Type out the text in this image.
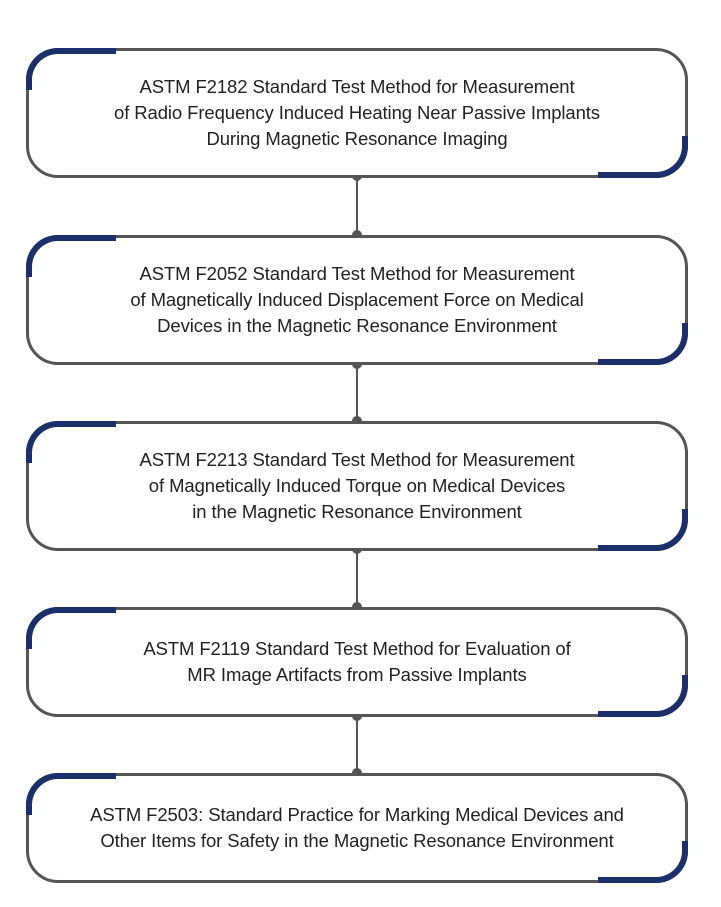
ASTM F2182 Standard Test Method for Measurement
of Radio Frequency Induced Heating Near Passive Implants
During Magnetic Resonance Imaging
ASTM F2052 Standard Test Method for Measurement
of Magnetically Induced Displacement Force on Medical
Devices in the Magnetic Resonance Environment
ASTM F2213 Standard Test Method for Measurement
of Magnetically Induced Torque on Medical Devices
in the Magnetic Resonance Environment
ASTM F2119 Standard Test Method for Evaluation of
MR Image Artifacts from Passive Implants
ASTM F2503: Standard Practice for Marking Medical Devices and
Other Items for Safety in the Magnetic Resonance Environment
